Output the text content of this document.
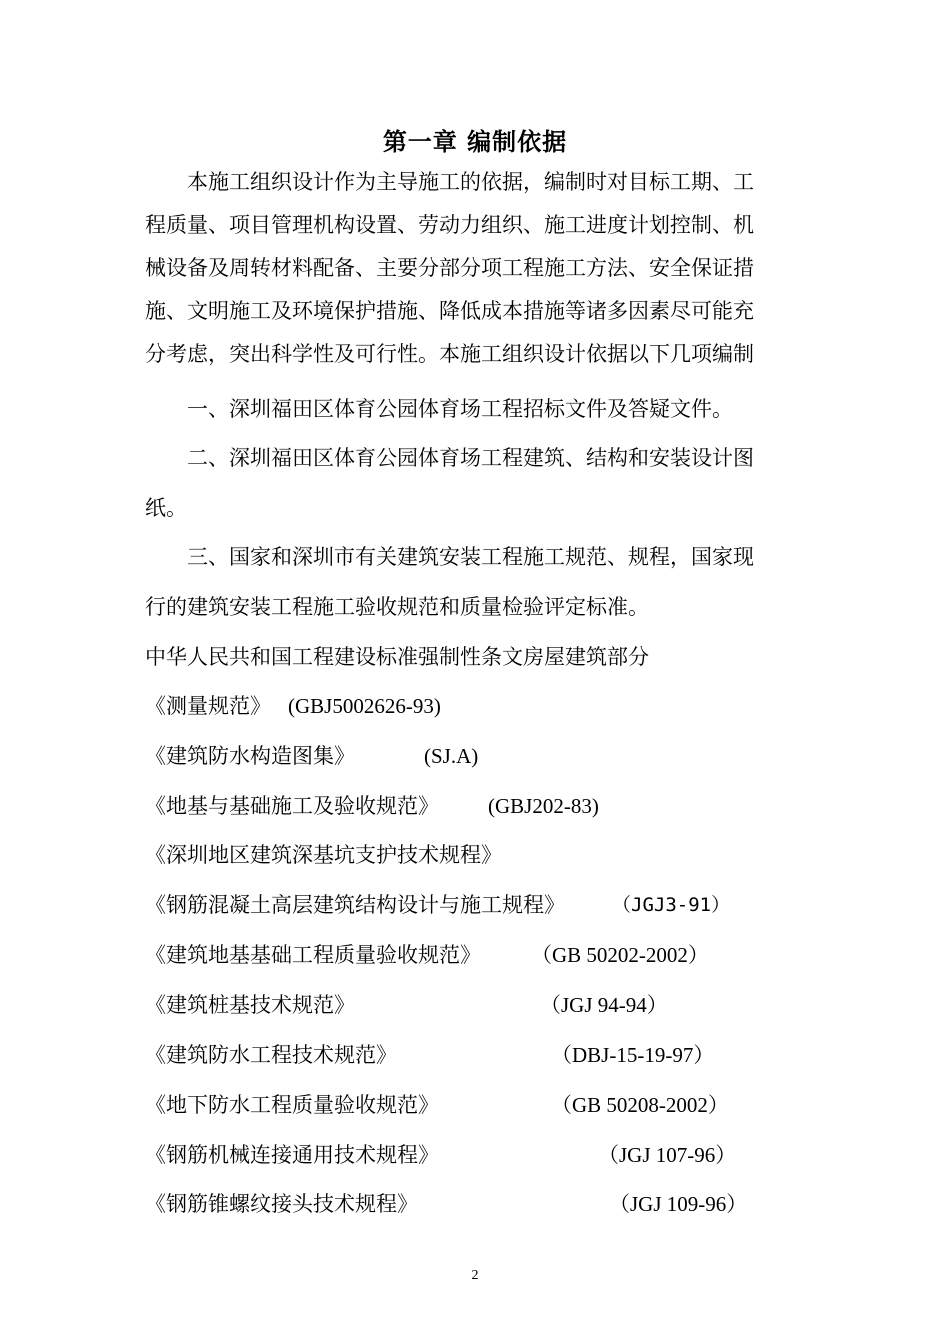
第一章 编制依据
本施工组织设计作为主导施工的依据，编制时对目标工期、工
程质量、项目管理机构设置、劳动力组织、施工进度计划控制、机
械设备及周转材料配备、主要分部分项工程施工方法、安全保证措
施、文明施工及环境保护措施、降低成本措施等诸多因素尽可能充
分考虑，突出科学性及可行性。本施工组织设计依据以下几项编制
一、深圳福田区体育公园体育场工程招标文件及答疑文件。
二、深圳福田区体育公园体育场工程建筑、结构和安装设计图
纸。
三、国家和深圳市有关建筑安装工程施工规范、规程，国家现
行的建筑安装工程施工验收规范和质量检验评定标准。
中华人民共和国工程建设标准强制性条文房屋建筑部分
《测量规范》 (GBJ5002626-93)
《建筑防水构造图集》	(SJ.A)
《地基与基础施工及验收规范》 (GBJ202-83)
《深圳地区建筑深基坑支护技术规程》
《钢筋混凝土高层建筑结构设计与施工规程》 （JGJ3-91）
《建筑地基基础工程质量验收规范》 （GB 50202-2002）
《建筑桩基技术规范》	（JGJ 94-94）
《建筑防水工程技术规范》	（DBJ-15-19-97）
《地下防水工程质量验收规范》	（GB 50208-2002）
《钢筋机械连接通用技术规程》	（JGJ 107-96）
《钢筋锥螺纹接头技术规程》	（JGJ 109-96）
2
